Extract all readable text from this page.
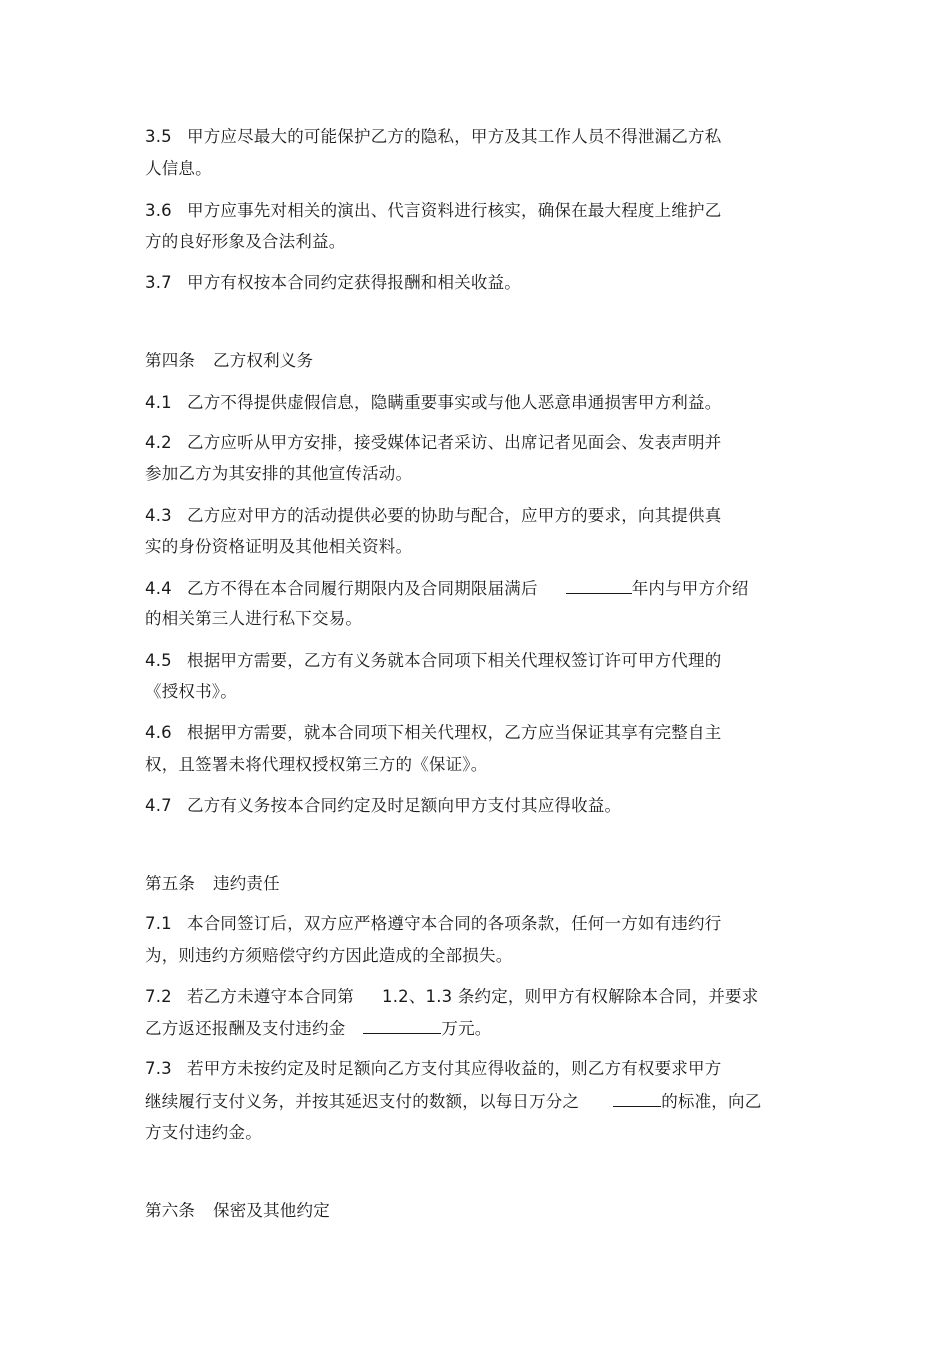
3.5 甲方应尽最大的可能保护乙方的隐私，甲方及其工作人员不得泄漏乙方私
人信息。
3.6 甲方应事先对相关的演出、代言资料进行核实，确保在最大程度上维护乙
方的良好形象及合法利益。
3.7 甲方有权按本合同约定获得报酬和相关收益。
第四条 乙方权利义务
4.1 乙方不得提供虚假信息，隐瞒重要事实或与他人恶意串通损害甲方利益。
4.2 乙方应听从甲方安排，接受媒体记者采访、出席记者见面会、发表声明并
参加乙方为其安排的其他宣传活动。
4.3 乙方应对甲方的活动提供必要的协助与配合，应甲方的要求，向其提供真
实的身份资格证明及其他相关资料。
4.4 乙方不得在本合同履行期限内及合同期限届满后	年内与甲方介绍
的相关第三人进行私下交易。
4.5 根据甲方需要，乙方有义务就本合同项下相关代理权签订许可甲方代理的
《授权书》。
4.6 根据甲方需要，就本合同项下相关代理权，乙方应当保证其享有完整自主
权，且签署未将代理权授权第三方的《保证》。
4.7 乙方有义务按本合同约定及时足额向甲方支付其应得收益。
第五条 违约责任
7.1 本合同签订后，双方应严格遵守本合同的各项条款，任何一方如有违约行
为，则违约方须赔偿守约方因此造成的全部损失。
7.2 若乙方未遵守本合同第 1.2、1.3 条约定，则甲方有权解除本合同，并要求
乙方返还报酬及支付违约金	万元。
7.3 若甲方未按约定及时足额向乙方支付其应得收益的，则乙方有权要求甲方
继续履行支付义务，并按其延迟支付的数额，以每日万分之	的标准，向乙
方支付违约金。
第六条 保密及其他约定
